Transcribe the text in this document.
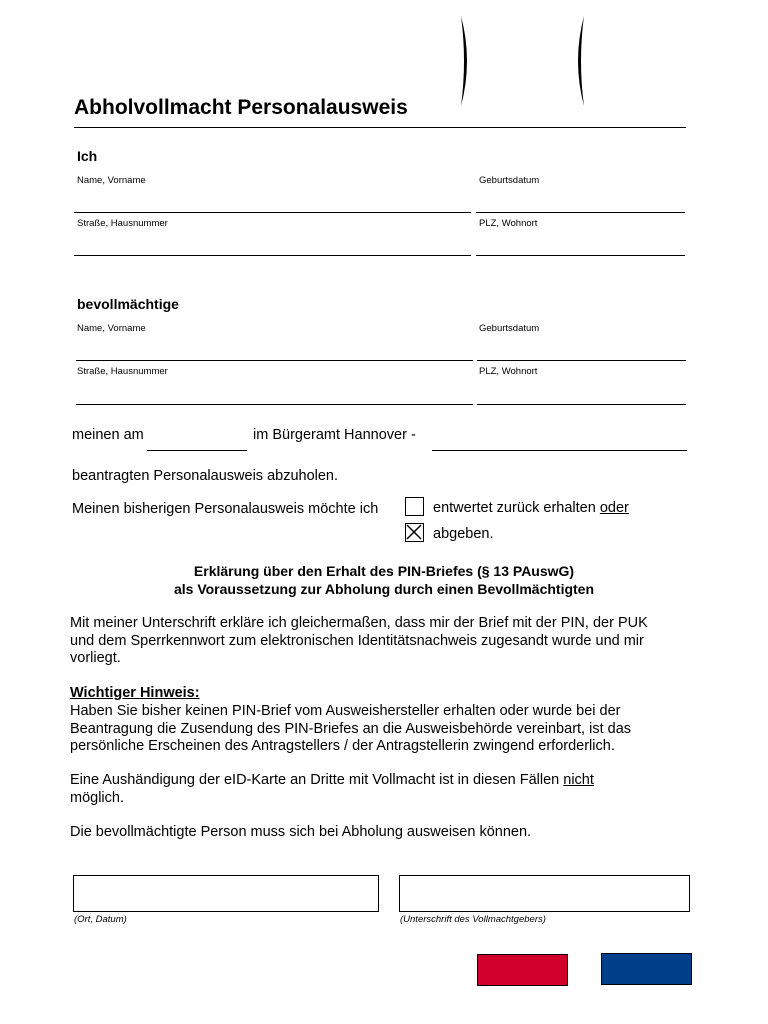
Abholvollmacht Personalausweis
Ich
Name, Vorname	Geburtsdatum
Straße, Hausnummer	PLZ, Wohnort
bevollmächtige
Name, Vorname	Geburtsdatum
Straße, Hausnummer	PLZ, Wohnort
meinen am	im Bürgeramt Hannover -
beantragten Personalausweis abzuholen.
Meinen bisherigen Personalausweis möchte ich	entwertet zurück erhalten oder
abgeben.
Erklärung über den Erhalt des PIN-Briefes (§ 13 PAuswG)
als Voraussetzung zur Abholung durch einen Bevollmächtigten
Mit meiner Unterschrift erkläre ich gleichermaßen, dass mir der Brief mit der PIN, der PUK und dem Sperrkennwort zum elektronischen Identitätsnachweis zugesandt wurde und mir vorliegt.
Wichtiger Hinweis:
Haben Sie bisher keinen PIN-Brief vom Ausweishersteller erhalten oder wurde bei der Beantragung die Zusendung des PIN-Briefes an die Ausweisbehörde vereinbart, ist das persönliche Erscheinen des Antragstellers / der Antragstellerin zwingend erforderlich.
Eine Aushändigung der eID-Karte an Dritte mit Vollmacht ist in diesen Fällen nicht
möglich.
Die bevollmächtigte Person muss sich bei Abholung ausweisen können.
(Ort, Datum)	(Unterschrift des Vollmachtgebers)
